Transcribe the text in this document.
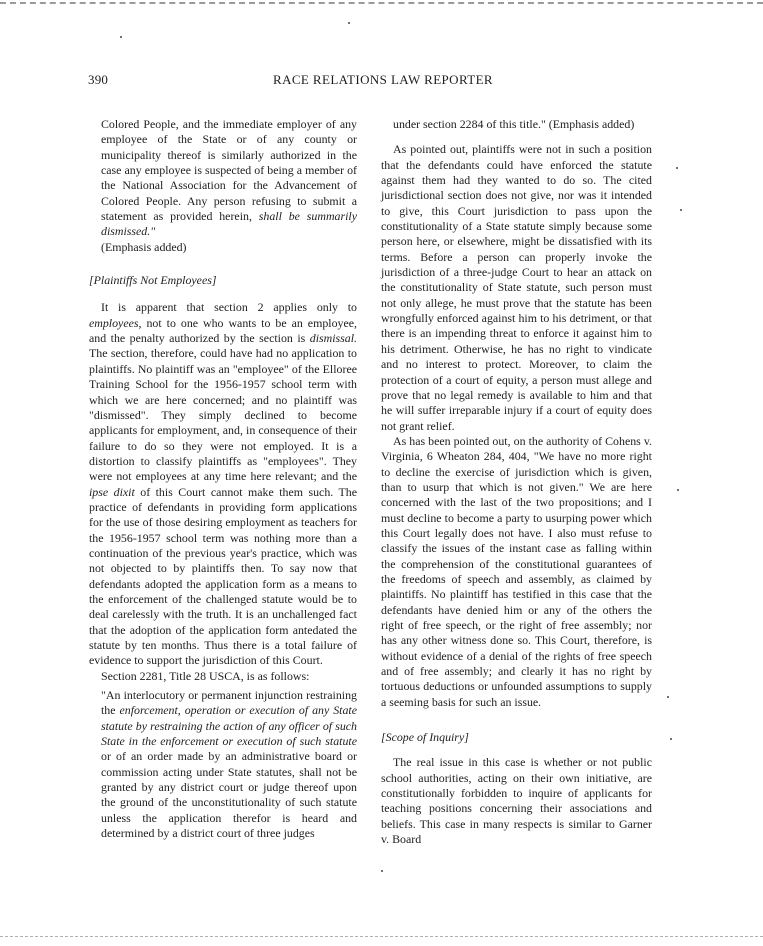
390	RACE RELATIONS LAW REPORTER

Colored People, and the immediate employer of any employee of the State or of any county or municipality thereof is similarly authorized in the case any employee is suspected of being a member of the National Association for the Advancement of Colored People. Any person refusing to submit a statement as provided herein, shall be summarily dismissed."
(Emphasis added)

[Plaintiffs Not Employees]

It is apparent that section 2 applies only to employees, not to one who wants to be an employee, and the penalty authorized by the section is dismissal. The section, therefore, could have had no application to plaintiffs. No plaintiff was an "employee" of the Elloree Training School for the 1956-1957 school term with which we are here concerned; and no plaintiff was "dismissed". They simply declined to become applicants for employment, and, in consequence of their failure to do so they were not employed. It is a distortion to classify plaintiffs as "employees". They were not employees at any time here relevant; and the ipse dixit of this Court cannot make them such. The practice of defendants in providing form applications for the use of those desiring employment as teachers for the 1956-1957 school term was nothing more than a continuation of the previous year's practice, which was not objected to by plaintiffs then. To say now that defendants adopted the application form as a means to the enforcement of the challenged statute would be to deal carelessly with the truth. It is an unchallenged fact that the adoption of the application form antedated the statute by ten months. Thus there is a total failure of evidence to support the jurisdiction of this Court.

Section 2281, Title 28 USCA, is as follows:

"An interlocutory or permanent injunction restraining the enforcement, operation or execution of any State statute by restraining the action of any officer of such State in the enforcement or execution of such statute or of an order made by an administrative board or commission acting under State statutes, shall not be granted by any district court or judge thereof upon the ground of the unconstitutionality of such statute unless the application therefor is heard and determined by a district court of three judges

under section 2284 of this title." (Emphasis added)

As pointed out, plaintiffs were not in such a position that the defendants could have enforced the statute against them had they wanted to do so. The cited jurisdictional section does not give, nor was it intended to give, this Court jurisdiction to pass upon the constitutionality of a State statute simply because some person here, or elsewhere, might be dissatisfied with its terms. Before a person can properly invoke the jurisdiction of a three-judge Court to hear an attack on the constitutionality of State statute, such person must not only allege, he must prove that the statute has been wrongfully enforced against him to his detriment, or that there is an impending threat to enforce it against him to his detriment. Otherwise, he has no right to vindicate and no interest to protect. Moreover, to claim the protection of a court of equity, a person must allege and prove that no legal remedy is available to him and that he will suffer irreparable injury if a court of equity does not grant relief.

As has been pointed out, on the authority of Cohens v. Virginia, 6 Wheaton 284, 404, "We have no more right to decline the exercise of jurisdiction which is given, than to usurp that which is not given." We are here concerned with the last of the two propositions; and I must decline to become a party to usurping power which this Court legally does not have. I also must refuse to classify the issues of the instant case as falling within the comprehension of the constitutional guarantees of the freedoms of speech and assembly, as claimed by plaintiffs. No plaintiff has testified in this case that the defendants have denied him or any of the others the right of free speech, or the right of free assembly; nor has any other witness done so. This Court, therefore, is without evidence of a denial of the rights of free speech and of free assembly; and clearly it has no right by tortuous deductions or unfounded assumptions to supply a seeming basis for such an issue.

[Scope of Inquiry]

The real issue in this case is whether or not public school authorities, acting on their own initiative, are constitutionally forbidden to inquire of applicants for teaching positions concerning their associations and beliefs. This case in many respects is similar to Garner v. Board
